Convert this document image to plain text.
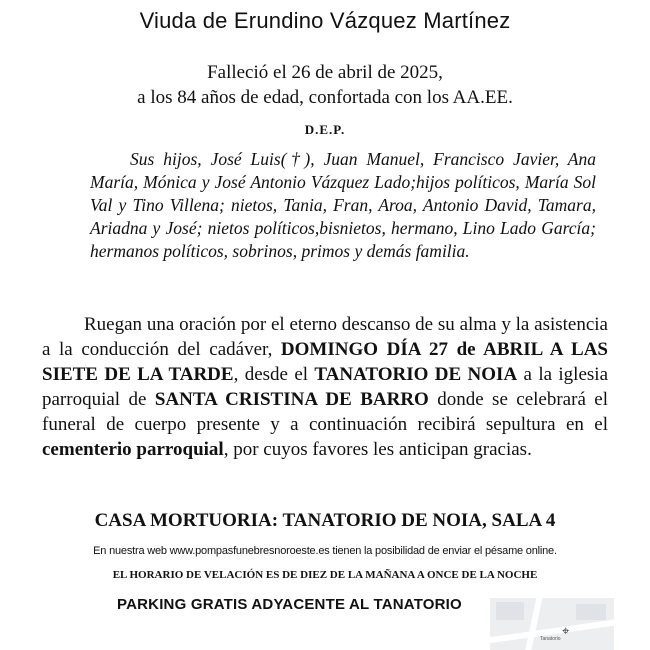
Viuda de Erundino Vázquez Martínez
Falleció el 26 de abril de 2025,
a los 84 años de edad, confortada con los AA.EE.
D.E.P.
Sus hijos, José Luis(†), Juan Manuel, Francisco Javier, Ana María, Mónica y José Antonio Vázquez Lado;hijos políticos, María Sol Val y Tino Villena; nietos, Tania, Fran, Aroa, Antonio David, Tamara, Ariadna y José; nietos políticos,bisnietos, hermano, Lino Lado García; hermanos políticos, sobrinos, primos y demás familia.
Ruegan una oración por el eterno descanso de su alma y la asistencia a la conducción del cadáver, DOMINGO DÍA 27 de ABRIL A LAS SIETE DE LA TARDE, desde el TANATORIO DE NOIA a la iglesia parroquial de SANTA CRISTINA DE BARRO donde se celebrará el funeral de cuerpo presente y a continuación recibirá sepultura en el cementerio parroquial, por cuyos favores les anticipan gracias.
CASA MORTUORIA: TANATORIO DE NOIA, SALA 4
En nuestra web www.pompasfunebresnoroeste.es tienen la posibilidad de enviar el pésame online.
EL HORARIO DE VELACIÓN ES DE DIEZ DE LA MAÑANA A ONCE DE LA NOCHE
PARKING GRATIS ADYACENTE AL TANATORIO
⌖
Tanatorio
